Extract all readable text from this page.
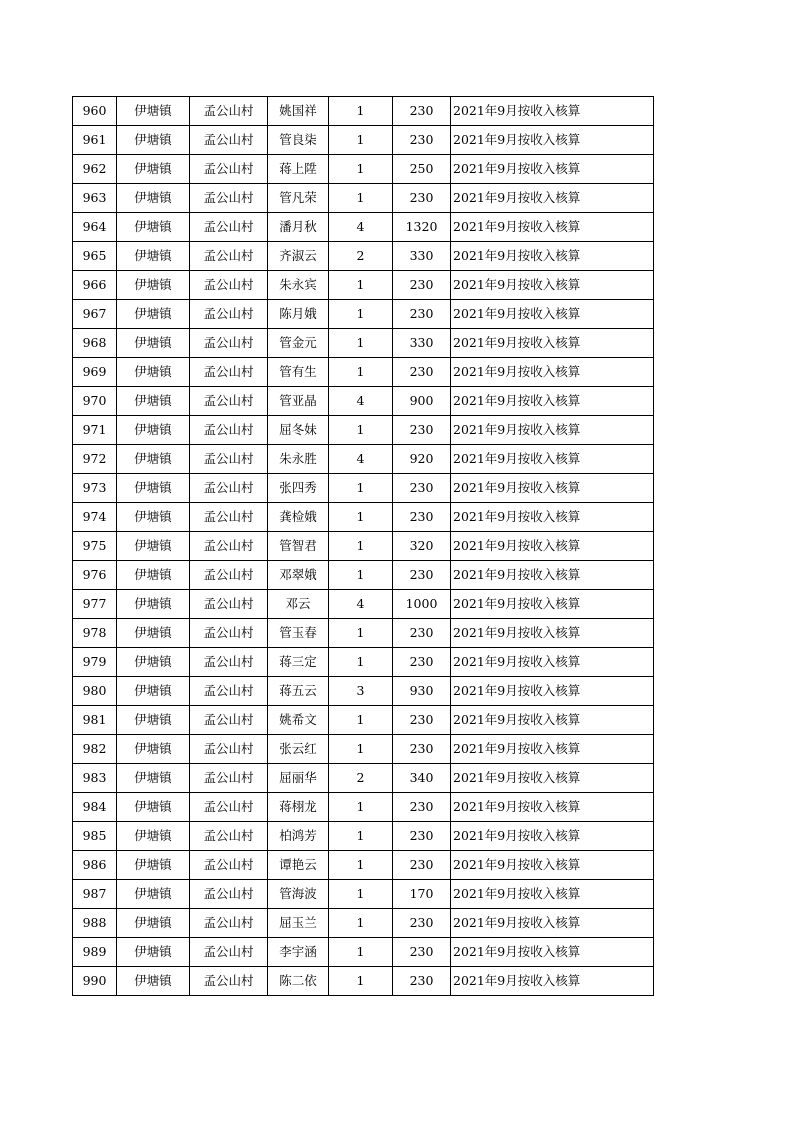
960	伊塘镇	孟公山村	姚国祥	1	230	2021年9月按收入核算
961	伊塘镇	孟公山村	管良柒	1	230	2021年9月按收入核算
962	伊塘镇	孟公山村	蒋上陞	1	250	2021年9月按收入核算
963	伊塘镇	孟公山村	管凡荣	1	230	2021年9月按收入核算
964	伊塘镇	孟公山村	潘月秋	4	1320	2021年9月按收入核算
965	伊塘镇	孟公山村	齐淑云	2	330	2021年9月按收入核算
966	伊塘镇	孟公山村	朱永宾	1	230	2021年9月按收入核算
967	伊塘镇	孟公山村	陈月娥	1	230	2021年9月按收入核算
968	伊塘镇	孟公山村	管金元	1	330	2021年9月按收入核算
969	伊塘镇	孟公山村	管有生	1	230	2021年9月按收入核算
970	伊塘镇	孟公山村	管亚晶	4	900	2021年9月按收入核算
971	伊塘镇	孟公山村	屈冬妹	1	230	2021年9月按收入核算
972	伊塘镇	孟公山村	朱永胜	4	920	2021年9月按收入核算
973	伊塘镇	孟公山村	张四秀	1	230	2021年9月按收入核算
974	伊塘镇	孟公山村	龚检娥	1	230	2021年9月按收入核算
975	伊塘镇	孟公山村	管智君	1	320	2021年9月按收入核算
976	伊塘镇	孟公山村	邓翠娥	1	230	2021年9月按收入核算
977	伊塘镇	孟公山村	邓云	4	1000	2021年9月按收入核算
978	伊塘镇	孟公山村	管玉春	1	230	2021年9月按收入核算
979	伊塘镇	孟公山村	蒋三定	1	230	2021年9月按收入核算
980	伊塘镇	孟公山村	蒋五云	3	930	2021年9月按收入核算
981	伊塘镇	孟公山村	姚希文	1	230	2021年9月按收入核算
982	伊塘镇	孟公山村	张云红	1	230	2021年9月按收入核算
983	伊塘镇	孟公山村	屈丽华	2	340	2021年9月按收入核算
984	伊塘镇	孟公山村	蒋栩龙	1	230	2021年9月按收入核算
985	伊塘镇	孟公山村	柏鸿芳	1	230	2021年9月按收入核算
986	伊塘镇	孟公山村	谭艳云	1	230	2021年9月按收入核算
987	伊塘镇	孟公山村	管海波	1	170	2021年9月按收入核算
988	伊塘镇	孟公山村	屈玉兰	1	230	2021年9月按收入核算
989	伊塘镇	孟公山村	李宇涵	1	230	2021年9月按收入核算
990	伊塘镇	孟公山村	陈二依	1	230	2021年9月按收入核算
